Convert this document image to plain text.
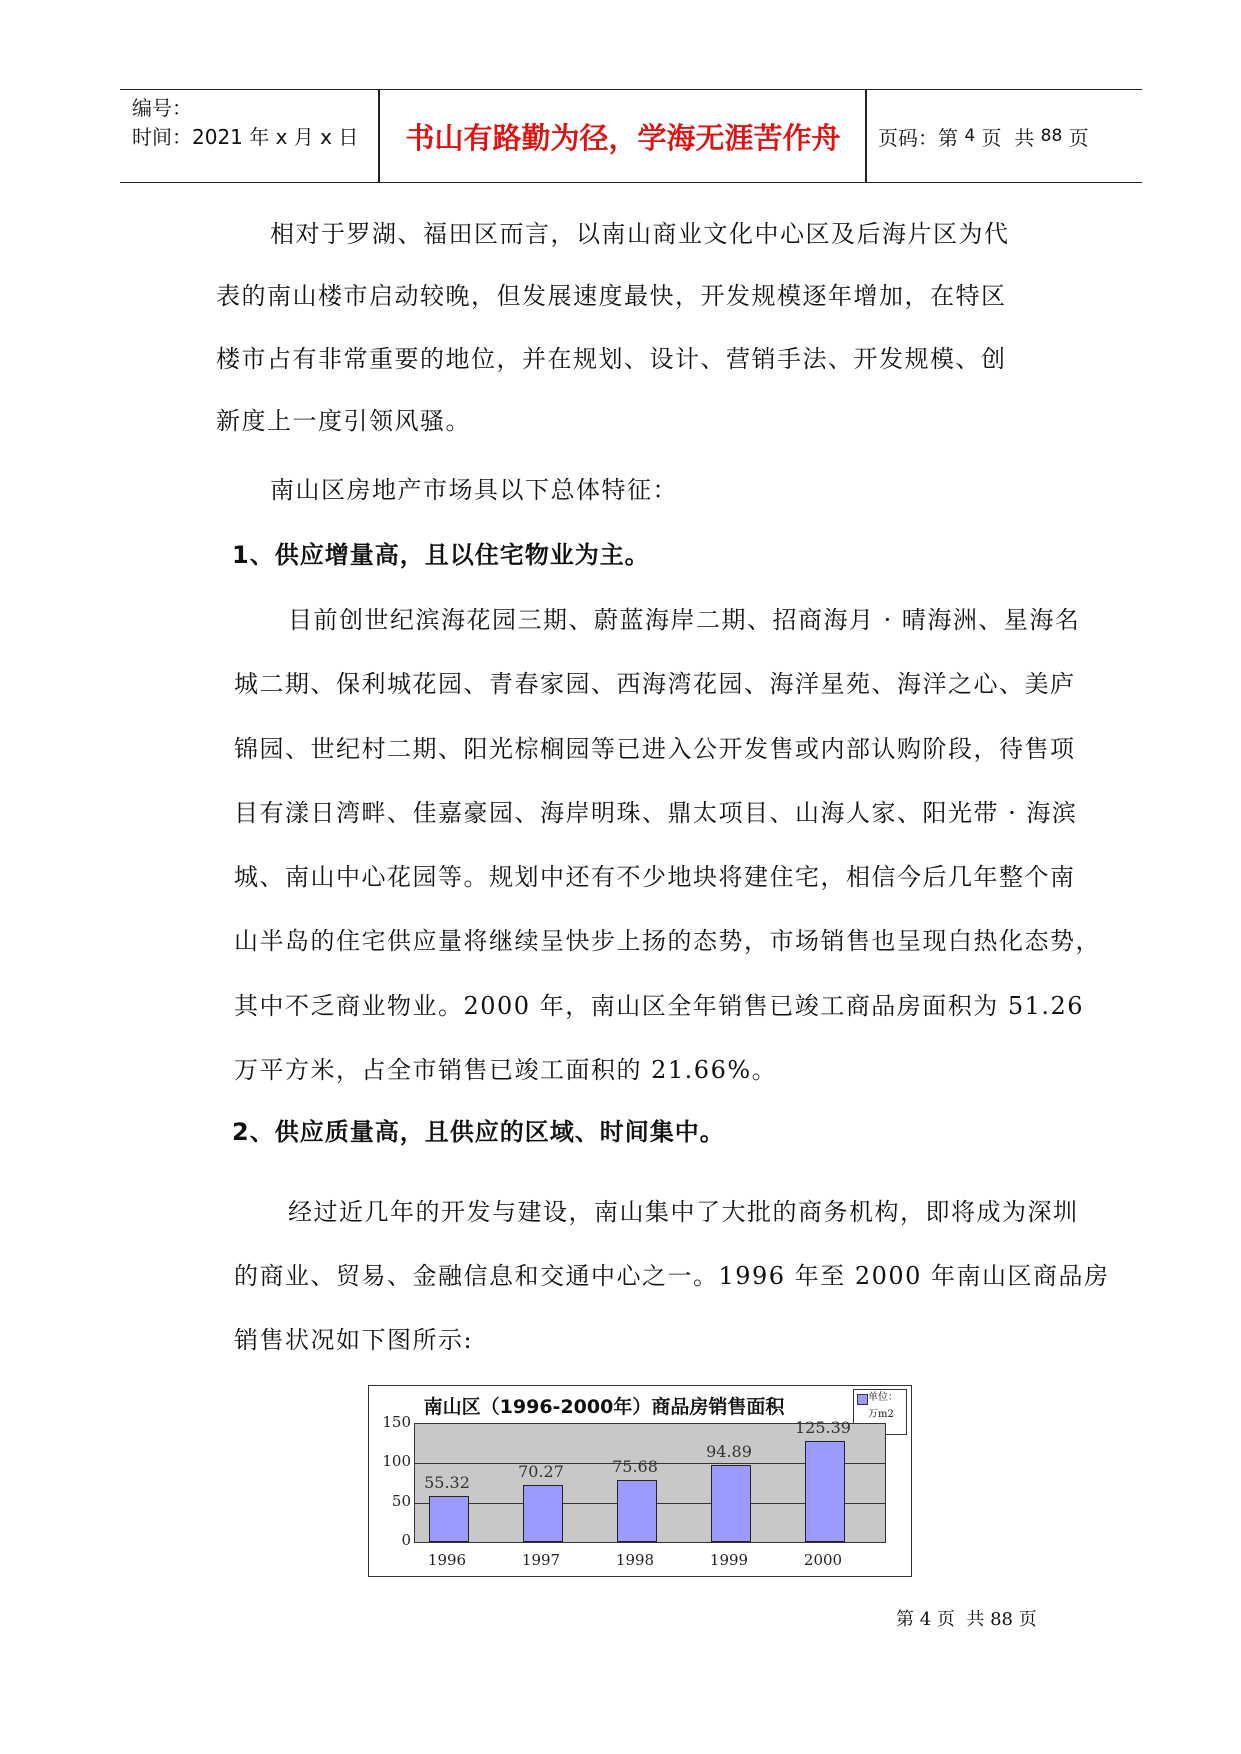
编号：
时间：2021 年 x 月 x 日	书山有路勤为径，学海无涯苦作舟	页码：第
4
页  共
88
页
相对于罗湖、福田区而言，以南山商业文化中心区及后海片区为代
表的南山楼市启动较晚，但发展速度最快，开发规模逐年增加，在特区
楼市占有非常重要的地位，并在规划、设计、营销手法、开发规模、创
新度上一度引领风骚。
南山区房地产市场具以下总体特征：
1、供应增量高，且以住宅物业为主。
目前创世纪滨海花园三期、蔚蓝海岸二期、招商海月 · 晴海洲、星海名
城二期、保利城花园、青春家园、西海湾花园、海洋星苑、海洋之心、美庐
锦园、世纪村二期、阳光棕榈园等已进入公开发售或内部认购阶段，待售项
目有漾日湾畔、佳嘉豪园、海岸明珠、鼎太项目、山海人家、阳光带 · 海滨
城、南山中心花园等。规划中还有不少地块将建住宅，相信今后几年整个南
山半岛的住宅供应量将继续呈快步上扬的态势，市场销售也呈现白热化态势，
其中不乏商业物业。2000 年，南山区全年销售已竣工商品房面积为 51.26
万平方米，占全市销售已竣工面积的 21.66%。
2、供应质量高，且供应的区域、时间集中。
经过近几年的开发与建设，南山集中了大批的商务机构，即将成为深圳
的商业、贸易、金融信息和交通中心之一。1996 年至 2000 年南山区商品房
销售状况如下图所示:
南山区（1996-2000年）商品房销售面积	单位：
万m2
0
50
100
150
55.32
1996
70.27
1997
75.68
1998
94.89
1999
125.39
2000
第 4 页  共 88 页
